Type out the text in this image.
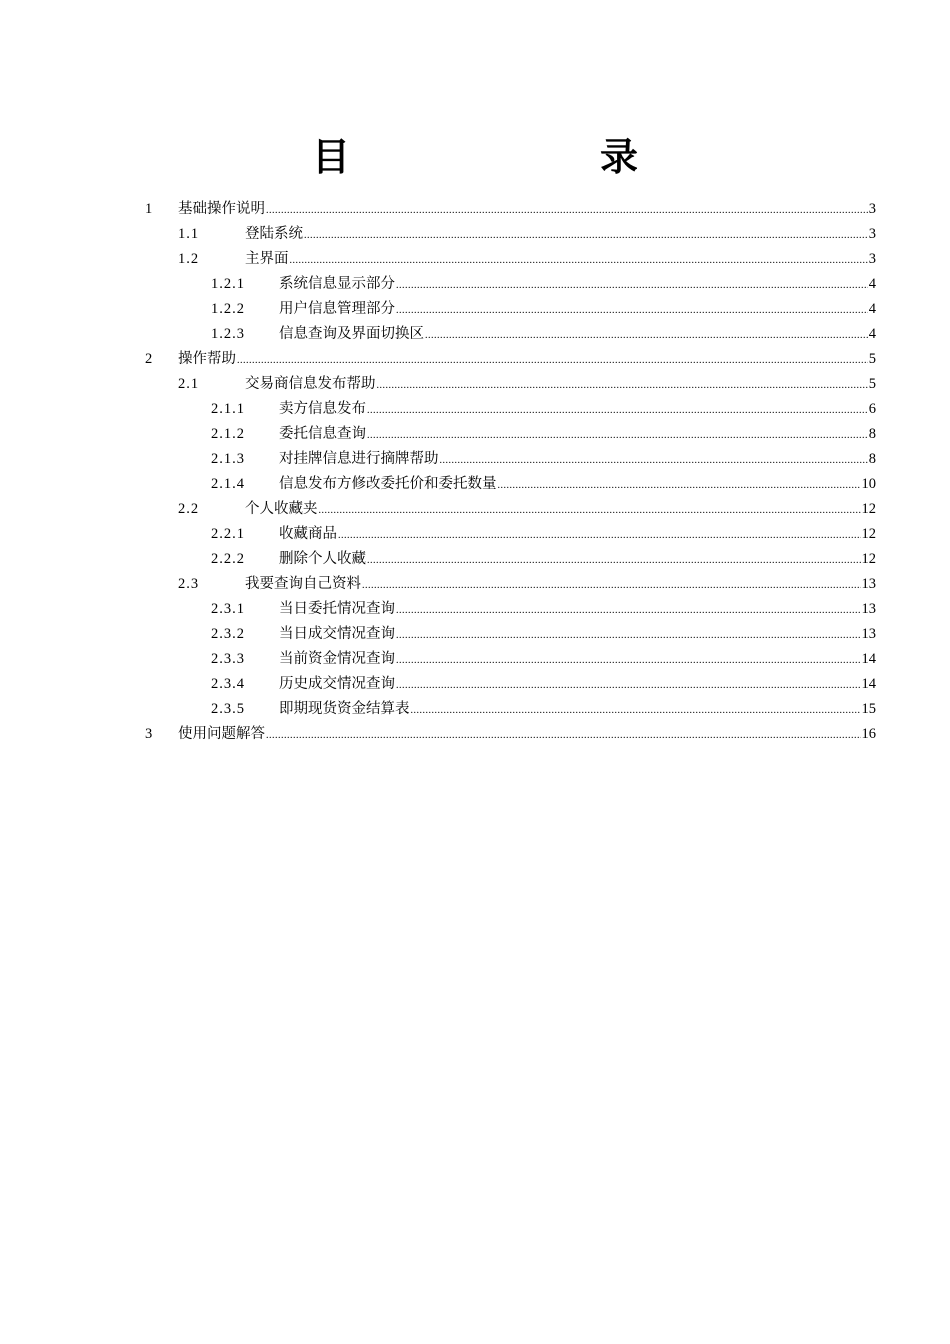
目　　录
1	基础操作说明 .....	3
1.1	登陆系统 .....	3
1.2	主界面 .....	3
1.2.1	系统信息显示部分 .....	4
1.2.2	用户信息管理部分 .....	4
1.2.3	信息查询及界面切换区 .....	4
2	操作帮助 .....	5
2.1	交易商信息发布帮助 .....	5
2.1.1	卖方信息发布 .....	6
2.1.2	委托信息查询 .....	8
2.1.3	对挂牌信息进行摘牌帮助 .....	8
2.1.4	信息发布方修改委托价和委托数量 .....	10
2.2	个人收藏夹 .....	12
2.2.1	收藏商品 .....	12
2.2.2	删除个人收藏 .....	12
2.3	我要查询自己资料 .....	13
2.3.1	当日委托情况查询 .....	13
2.3.2	当日成交情况查询 .....	13
2.3.3	当前资金情况查询 .....	14
2.3.4	历史成交情况查询 .....	14
2.3.5	即期现货资金结算表 .....	15
3	使用问题解答 .....	16
